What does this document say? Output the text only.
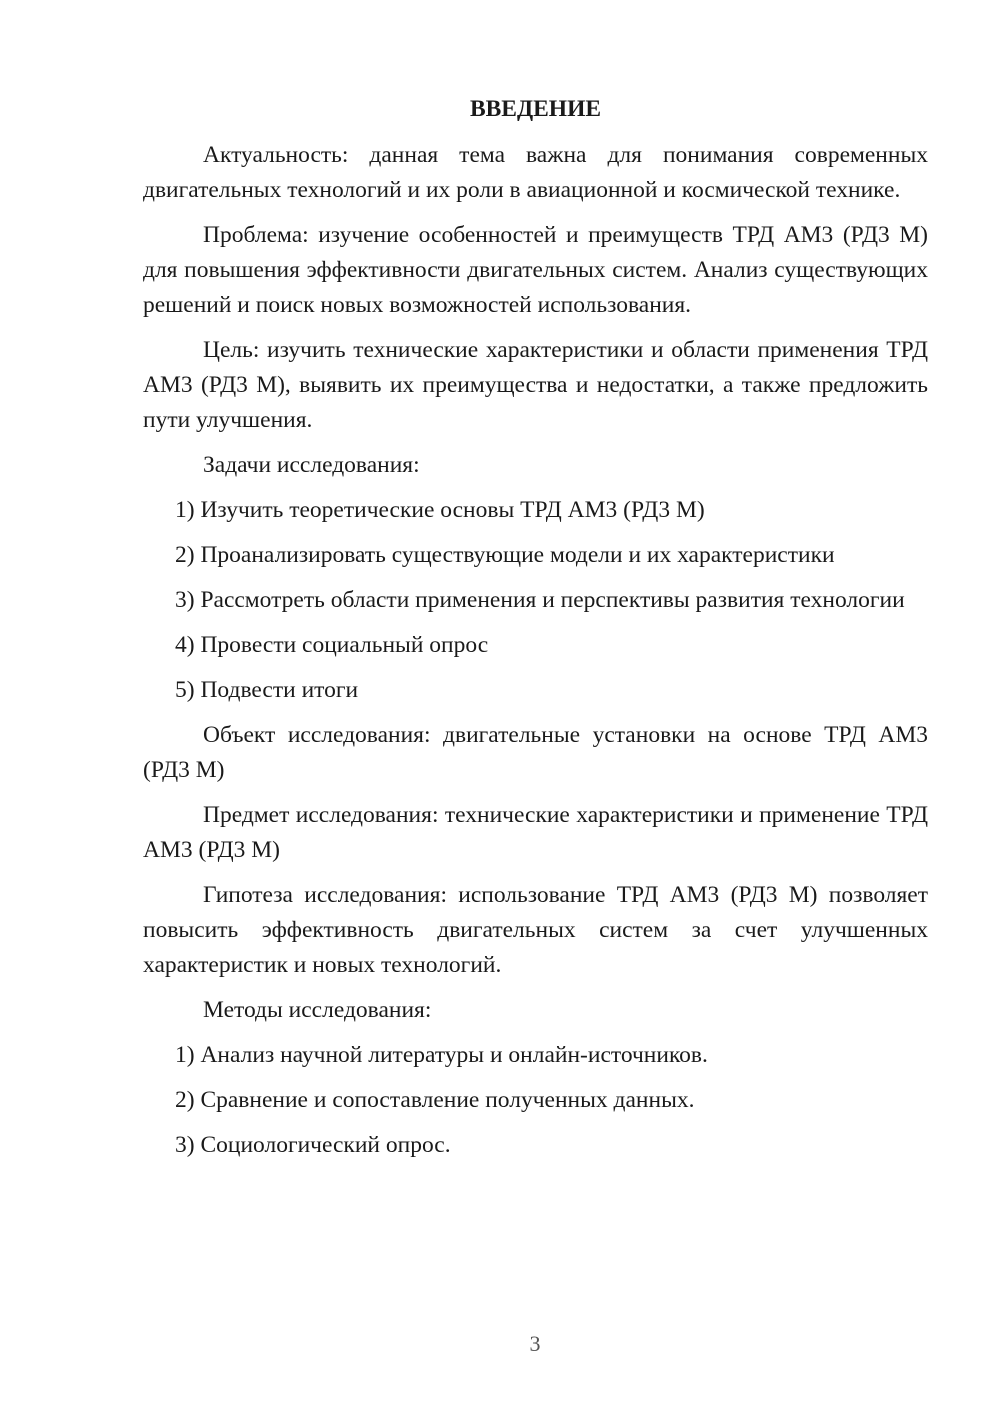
ВВЕДЕНИЕ

Актуальность: данная тема важна для понимания современных двигательных технологий и их роли в авиационной и космической технике.

Проблема: изучение особенностей и преимуществ ТРД АМ3 (РД3 М) для повышения эффективности двигательных систем. Анализ существующих решений и поиск новых возможностей использования.

Цель: изучить технические характеристики и области применения ТРД АМ3 (РД3 М), выявить их преимущества и недостатки, а также предложить пути улучшения.

Задачи исследования:

1) Изучить теоретические основы ТРД АМ3 (РД3 М)

2) Проанализировать существующие модели и их характеристики

3) Рассмотреть области применения и перспективы развития технологии

4) Провести социальный опрос

5) Подвести итоги

Объект исследования: двигательные установки на основе ТРД АМ3 (РД3 М)

Предмет исследования: технические характеристики и применение ТРД АМ3 (РД3 М)

Гипотеза исследования: использование ТРД АМ3 (РД3 М) позволяет повысить эффективность двигательных систем за счет улучшенных характеристик и новых технологий.

Методы исследования:

1) Анализ научной литературы и онлайн-источников.

2) Сравнение и сопоставление полученных данных.

3) Социологический опрос.

3
